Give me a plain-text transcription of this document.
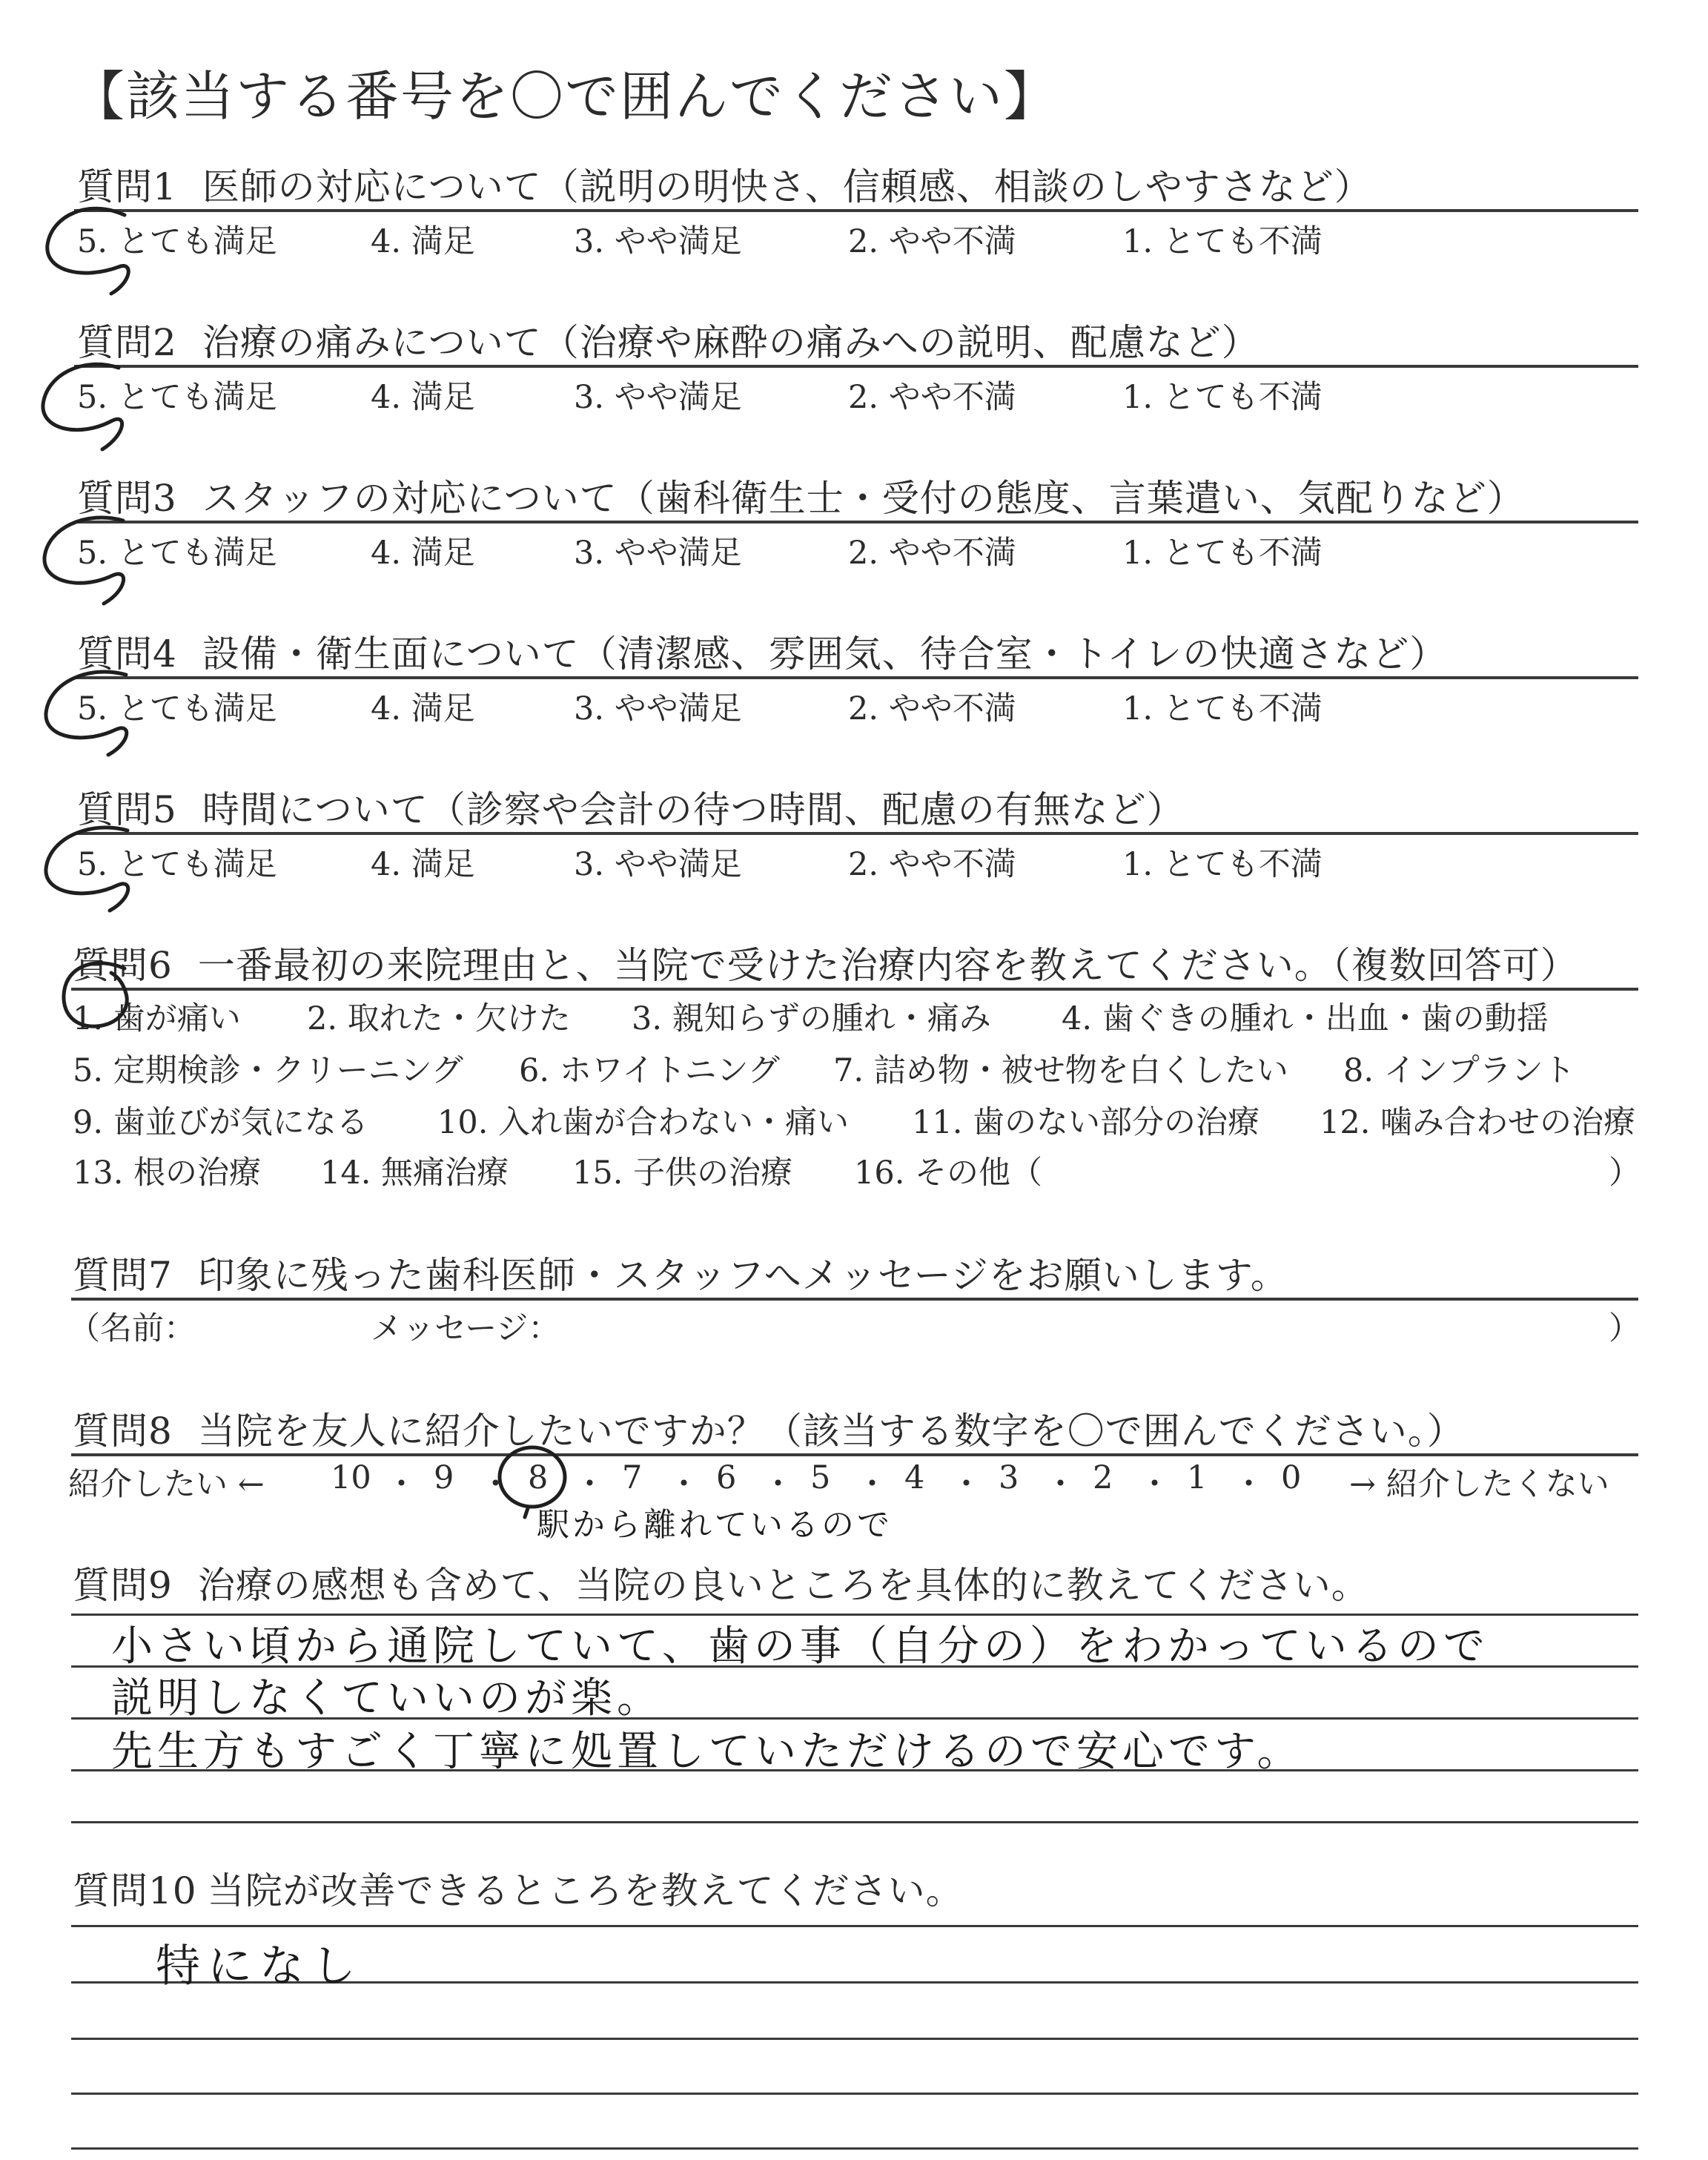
【該当する番号を〇で囲んでください】
質問1 医師の対応について（説明の明快さ、信頼感、相談のしやすさなど）
5. とても満足	4. 満足	3. やや満足	2. やや不満	1. とても不満
質問2 治療の痛みについて（治療や麻酔の痛みへの説明、配慮など）
5. とても満足	4. 満足	3. やや満足	2. やや不満	1. とても不満
質問3 スタッフの対応について（歯科衛生士・受付の態度、言葉遣い、気配りなど）
5. とても満足	4. 満足	3. やや満足	2. やや不満	1. とても不満
質問4 設備・衛生面について（清潔感、雰囲気、待合室・トイレの快適さなど）
5. とても満足	4. 満足	3. やや満足	2. やや不満	1. とても不満
質問5 時間について（診察や会計の待つ時間、配慮の有無など）
5. とても満足	4. 満足	3. やや満足	2. やや不満	1. とても不満
質問6 一番最初の来院理由と、当院で受けた治療内容を教えてください。（複数回答可）
1. 歯が痛い 2. 取れた・欠けた 3. 親知らずの腫れ・痛み 4. 歯ぐきの腫れ・出血・歯の動揺
5. 定期検診・クリーニング 6. ホワイトニング 7. 詰め物・被せ物を白くしたい 8. インプラント
9. 歯並びが気になる 10. 入れ歯が合わない・痛い 11. 歯のない部分の治療 12. 噛み合わせの治療
13. 根の治療 14. 無痛治療 15. 子供の治療 16. その他（	）
質問7 印象に残った歯科医師・スタッフへメッセージをお願いします。
（名前：	メッセージ：	）
質問8 当院を友人に紹介したいですか？（該当する数字を〇で囲んでください。）
紹介したい ← 10 ・ 9 ・ 8 ・ 7 ・ 6 ・ 5 ・ 4 ・ 3 ・ 2 ・ 1 ・ 0 → 紹介したくない
駅から離れているので
質問9 治療の感想も含めて、当院の良いところを具体的に教えてください。
小さい頃から通院していて、歯の事（自分の）をわかっているので
説明しなくていいのが楽。
先生方もすごく丁寧に処置していただけるので安心です。
質問10 当院が改善できるところを教えてください。
特になし
